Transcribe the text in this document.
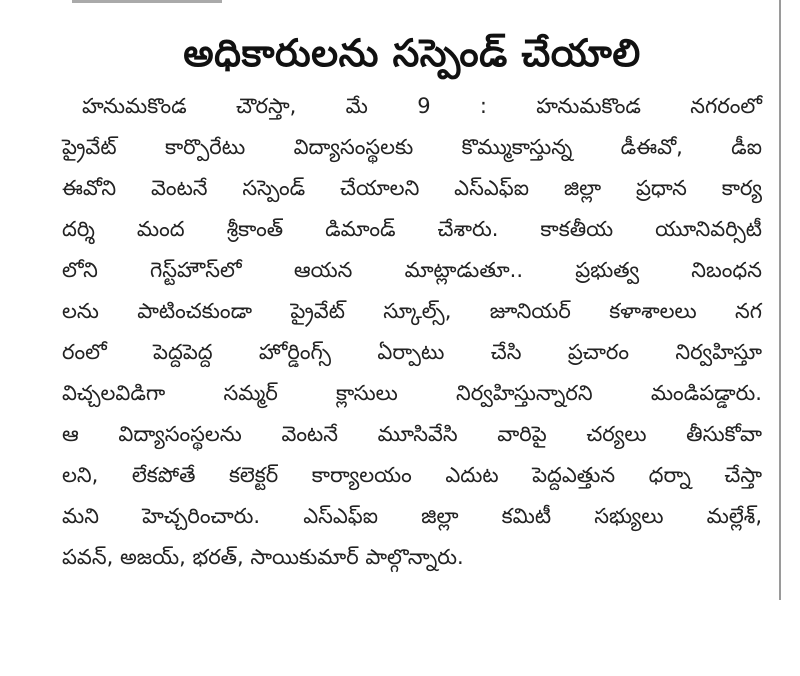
అధికారులను సస్పెండ్ చేయాలి
హనుమకొండ చౌరస్తా, మే 9 : హనుమకొండ నగరంలో
ప్రైవేట్ కార్పొరేటు విద్యాసంస్థలకు కొమ్ముకాస్తున్న డీఈవో, డీఐ
ఈవోని వెంటనే సస్పెండ్ చేయాలని ఎస్ఎఫ్ఐ జిల్లా ప్రధాన కార్య
దర్శి మంద శ్రీకాంత్ డిమాండ్ చేశారు. కాకతీయ యూనివర్సిటీ
లోని గెస్ట్‌హౌస్‌లో ఆయన మాట్లాడుతూ.. ప్రభుత్వ నిబంధన
లను పాటించకుండా ప్రైవేట్ స్కూల్స్, జూనియర్ కళాశాలలు నగ
రంలో పెద్దపెద్ద హోర్డింగ్స్ ఏర్పాటు చేసి ప్రచారం నిర్వహిస్తూ
విచ్చలవిడిగా సమ్మర్ క్లాసులు నిర్వహిస్తున్నారని మండిపడ్డారు.
ఆ విద్యాసంస్థలను వెంటనే మూసివేసి వారిపై చర్యలు తీసుకోవా
లని, లేకపోతే కలెక్టర్ కార్యాలయం ఎదుట పెద్దఎత్తున ధర్నా చేస్తా
మని హెచ్చరించారు. ఎస్ఎఫ్ఐ జిల్లా కమిటీ సభ్యులు మల్లేశ్,
పవన్, అజయ్, భరత్, సాయికుమార్ పాల్గొన్నారు.
